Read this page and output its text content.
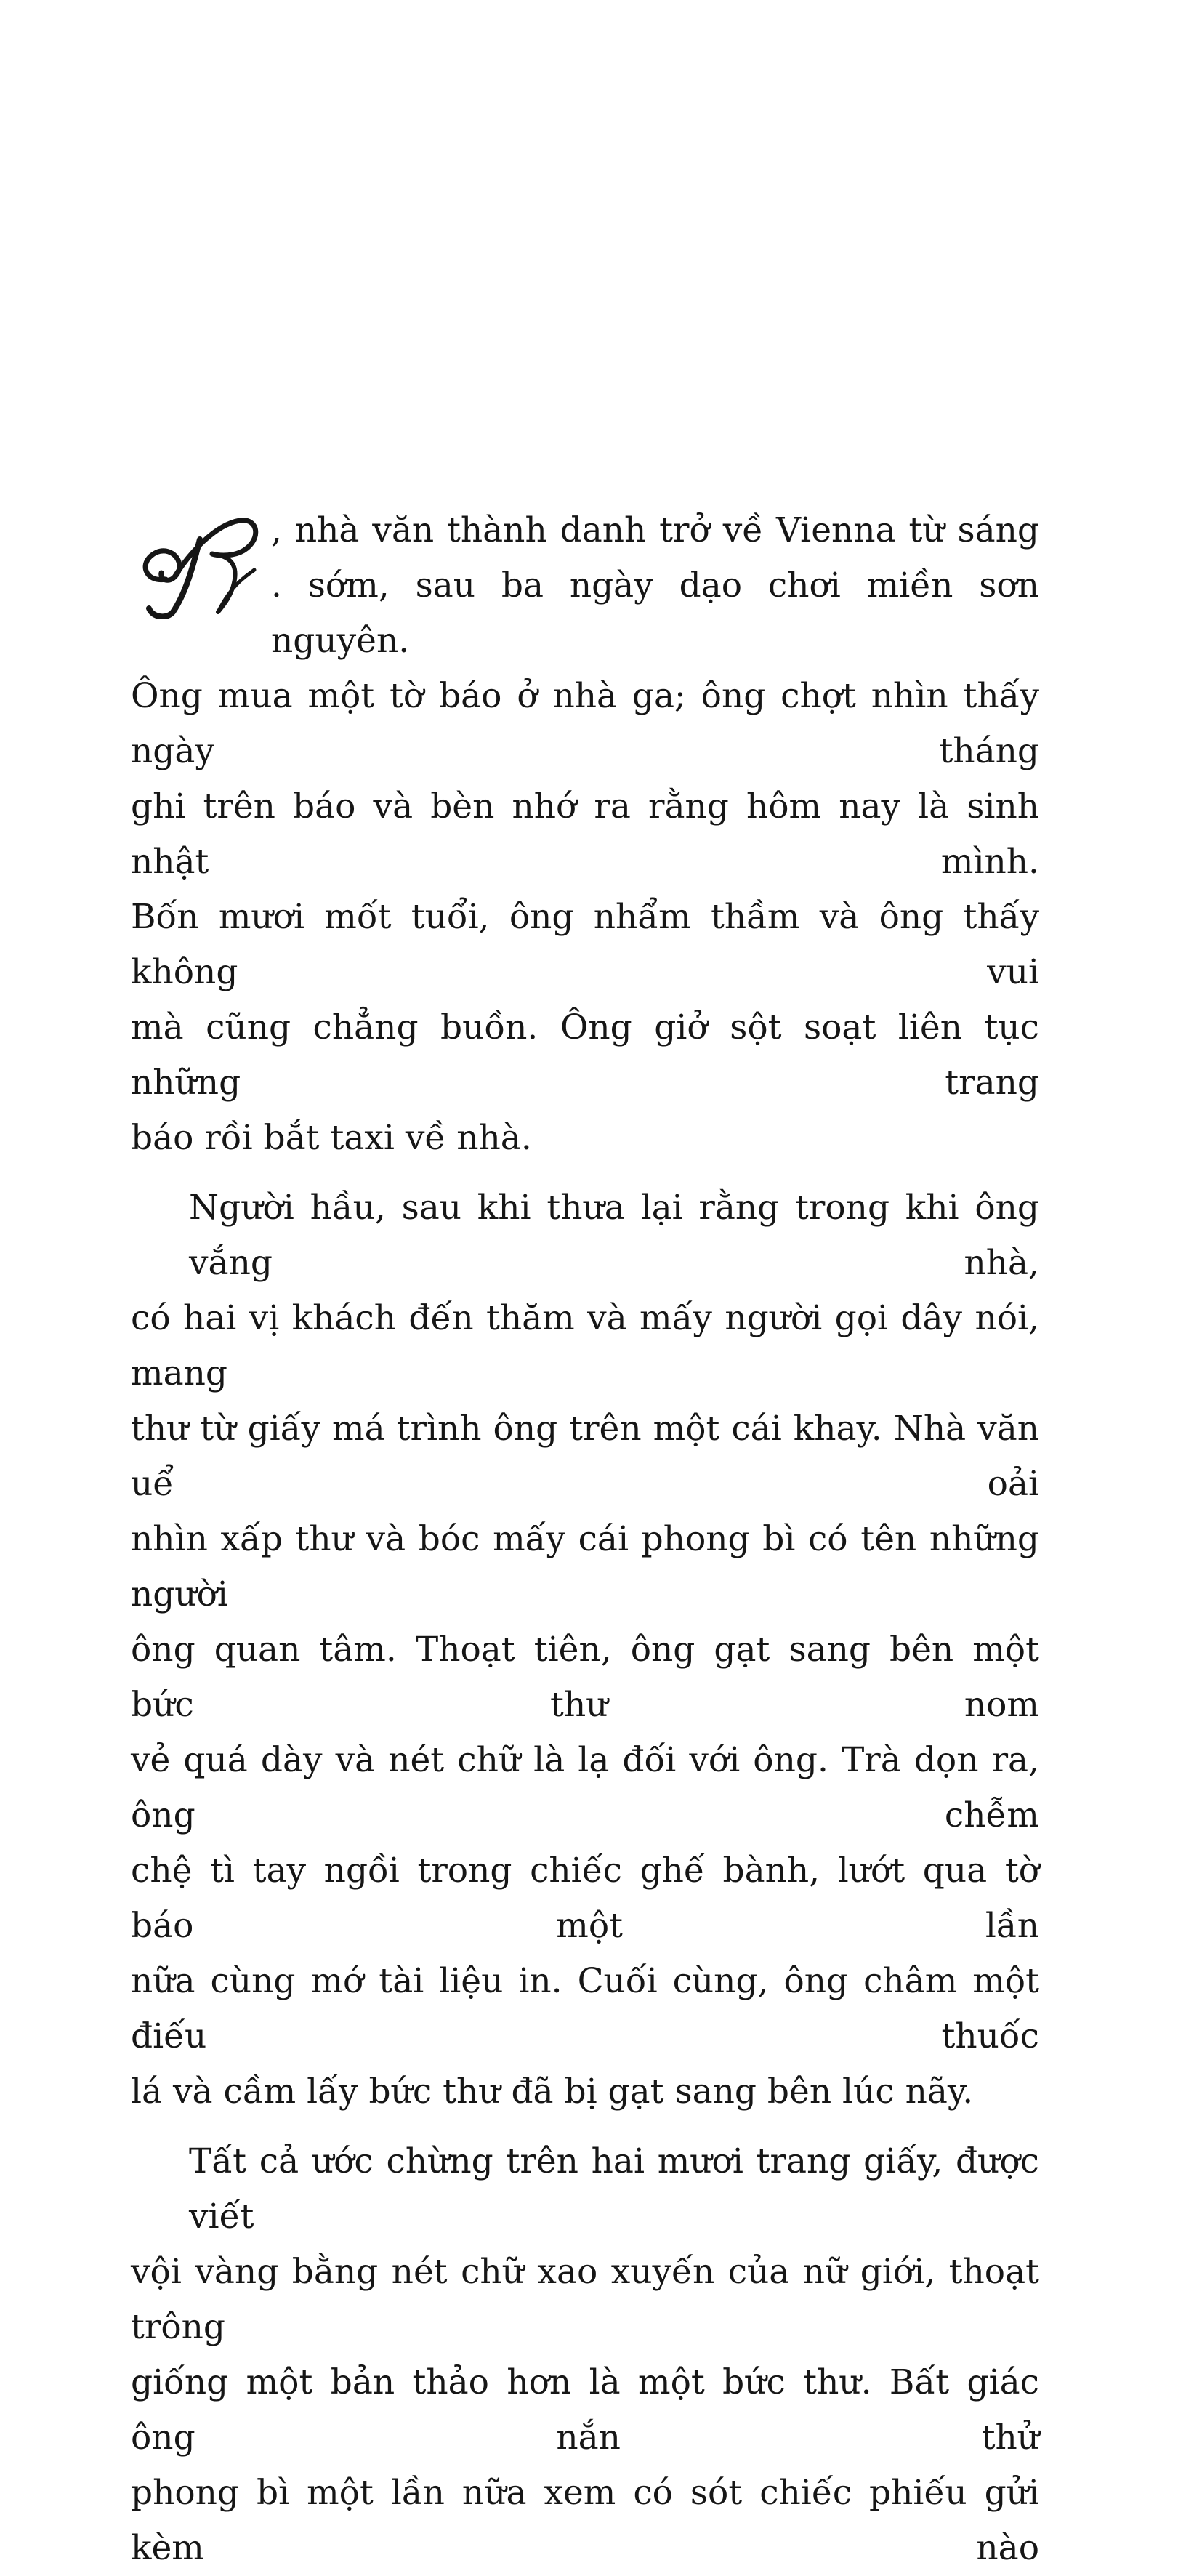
R	, nhà văn thành danh trở về Vienna từ sáng
. sớm, sau ba ngày dạo chơi miền sơn nguyên.
Ông mua một tờ báo ở nhà ga; ông chợt nhìn thấy ngày tháng
ghi trên báo và bèn nhớ ra rằng hôm nay là sinh nhật mình.
Bốn mươi mốt tuổi, ông nhẩm thầm và ông thấy không vui
mà cũng chẳng buồn. Ông giở sột soạt liên tục những trang
báo rồi bắt taxi về nhà.
Người hầu, sau khi thưa lại rằng trong khi ông vắng nhà,
có hai vị khách đến thăm và mấy người gọi dây nói, mang
thư từ giấy má trình ông trên một cái khay. Nhà văn uể oải
nhìn xấp thư và bóc mấy cái phong bì có tên những người
ông quan tâm. Thoạt tiên, ông gạt sang bên một bức thư nom
vẻ quá dày và nét chữ là lạ đối với ông. Trà dọn ra, ông chễm
chệ tì tay ngồi trong chiếc ghế bành, lướt qua tờ báo một lần
nữa cùng mớ tài liệu in. Cuối cùng, ông châm một điếu thuốc
lá và cầm lấy bức thư đã bị gạt sang bên lúc nãy.
Tất cả ước chừng trên hai mươi trang giấy, được viết
vội vàng bằng nét chữ xao xuyến của nữ giới, thoạt trông
giống một bản thảo hơn là một bức thư. Bất giác ông nắn thử
phong bì một lần nữa xem có sót chiếc phiếu gửi kèm nào
